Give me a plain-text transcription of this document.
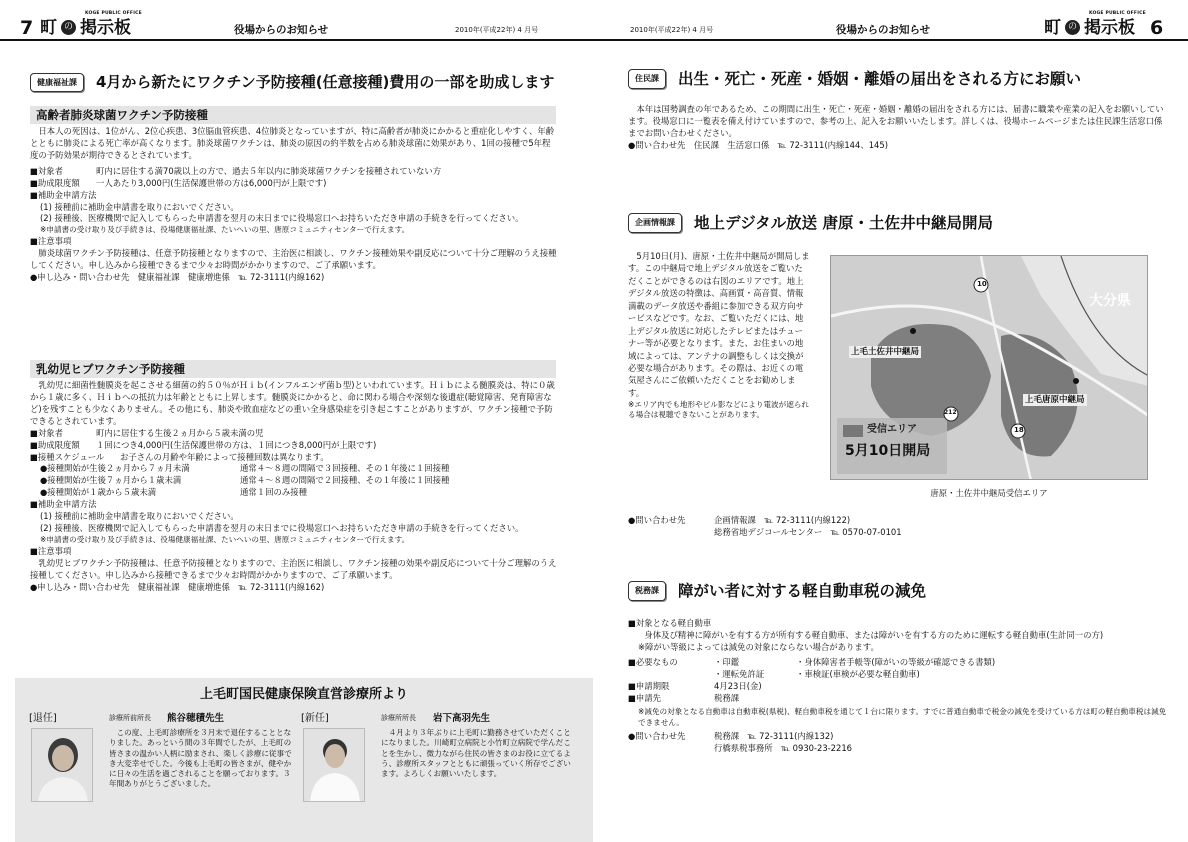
7 町 の
KOGE PUBLIC OFFICE
掲示板	役場からのお知らせ	2010年(平成22年) 4 月号
健康福祉課	4月から新たにワクチン予防接種(任意接種)費用の一部を助成します
高齢者肺炎球菌ワクチン予防接種

日本人の死因は、1位がん、2位心疾患、3位脳血管疾患、4位肺炎となっていますが、特に高齢者が肺炎にかかると重症化しやすく、年齢とともに肺炎による死亡率が高くなります。肺炎球菌ワクチンは、肺炎の原因の約半数を占める肺炎球菌に効果があり、1回の接種で5年程度の予防効果が期待できるとされています。

■対象者	町内に居住する満70歳以上の方で、過去５年以内に肺炎球菌ワクチンを接種されていない方
■助成限度額	一人あたり3,000円(生活保護世帯の方は6,000円が上限です)
■補助金申請方法
(1) 接種前に補助金申請書を取りにおいでください。
(2) 接種後、医療機関で記入してもらった申請書を翌月の末日までに役場窓口へお持ちいただき申請の手続きを行ってください。
※申請書の受け取り及び手続きは、役場健康福祉課、たいへいの里、唐原コミュニティセンターで行えます。
■注意事項

肺炎球菌ワクチン予防接種は、任意予防接種となりますので、主治医に相談し、ワクチン接種効果や副反応について十分ご理解のうえ接種してください。申し込みから接種できるまで少々お時間がかかりますので、ご了承願います。

●申し込み・問い合わせ先　健康福祉課　健康増進係　℡ 72-3111(内線162)
乳幼児ヒブワクチン予防接種

乳幼児に細菌性髄膜炎を起こさせる細菌の約５０％がＨｉｂ(インフルエンザ菌ｂ型)といわれています。Ｈｉｂによる髄膜炎は、特に０歳から１歳に多く、Ｈｉｂへの抵抗力は年齢とともに上昇します。髄膜炎にかかると、命に関わる場合や深刻な後遺症(聴覚障害、発育障害など)を残すことも少なくありません。その他にも、肺炎や敗血症などの重い全身感染症を引き起こすことがありますが、ワクチン接種で予防できるとされています。

■対象者	町内に居住する生後２ヵ月から５歳未満の児
■助成限度額	１回につき4,000円(生活保護世帯の方は、１回につき8,000円が上限です)
■接種スケジュール	お子さんの月齢や年齢によって接種回数は異なります。
●接種開始が生後２ヵ月から７ヵ月未満	通常４～８週の間隔で３回接種、その１年後に１回接種
●接種開始が生後７ヵ月から１歳未満	通常４～８週の間隔で２回接種、その１年後に１回接種
●接種開始が１歳から５歳未満	通常１回のみ接種
■補助金申請方法
(1) 接種前に補助金申請書を取りにおいでください。
(2) 接種後、医療機関で記入してもらった申請書を翌月の末日までに役場窓口へお持ちいただき申請の手続きを行ってください。
※申請書の受け取り及び手続きは、役場健康福祉課、たいへいの里、唐原コミュニティセンターで行えます。
■注意事項

乳幼児ヒブワクチン予防接種は、任意予防接種となりますので、主治医に相談し、ワクチン接種の効果や副反応について十分ご理解のうえ接種してください。申し込みから接種できるまで少々お時間がかかりますので、ご了承願います。

●申し込み・問い合わせ先　健康福祉課　健康増進係　℡ 72-3111(内線162)
上毛町国民健康保険直営診療所より
[退任]	診療所前所長 熊谷穂積先生
この度、上毛町診療所を３月末で退任することとなりました。あっという間の３年間でしたが、上毛町の皆さまの温かい人柄に励まされ、楽しく診療に従事でき大変幸せでした。今後も上毛町の皆さまが、健やかに日々の生活を過ごされることを願っております。３年間ありがとうございました。
[新任]	診療所所長 岩下高羽先生
４月より３年ぶりに上毛町に勤務させていただくことになりました。川崎町立病院と小竹町立病院で学んだことを生かし、微力ながら住民の皆さまのお役に立てるよう、診療所スタッフとともに頑張っていく所存でございます。よろしくお願いいたします。
2010年(平成22年) 4 月号	役場からのお知らせ	町 の
KOGE PUBLIC OFFICE
掲示板 6
住民課	出生・死亡・死産・婚姻・離婚の届出をされる方にお願い

本年は国勢調査の年であるため、この期間に出生・死亡・死産・婚姻・離婚の届出をされる方には、届書に職業や産業の記入をお願いしています。役場窓口に一覧表を備え付けていますので、参考の上、記入をお願いいたします。詳しくは、役場ホームページまたは住民課生活窓口係までお問い合わせください。

●問い合わせ先　住民課　生活窓口係　℡ 72-3111(内線144、145)
企画情報課	地上デジタル放送 唐原・土佐井中継局開局

5月10日(月)、唐原・土佐井中継局が開局します。この中継局で地上デジタル放送をご覧いただくことができるのは右図のエリアです。地上デジタル放送の特徴は、高画質・高音質、情報満載のデータ放送や番組に参加できる双方向サービスなどです。なお、ご覧いただくには、地上デジタル放送に対応したテレビまたはチューナー等が必要となります。また、お住まいの地域によっては、アンテナの調整もしくは交換が必要な場合があります。その際は、お近くの電気屋さんにご依頼いただくことをお勧めします。

※エリア内でも地形やビル影などにより電波が遮られる場合は視聴できないことがあります。

●問い合わせ先	企画情報課　℡ 72-3111(内線122)
総務省地デジコールセンター　℡ 0570-07-0101
税務課	障がい者に対する軽自動車税の減免
■対象となる軽自動車

身体及び精神に障がいを有する方が所有する軽自動車、または障がいを有する方のために運転する軽自動車(生計同一の方)

※障がい等級によっては減免の対象にならない場合があります。
■必要なもの	・印鑑	・身体障害者手帳等(障がいの等級が確認できる書類)
・運転免許証	・車検証(車検が必要な軽自動車)
■申請期限	4月23日(金)
■申請先	税務課

※減免の対象となる自動車は自動車税(県税)、軽自動車税を通じて１台に限ります。すでに普通自動車で税金の減免を受けている方は町の軽自動車税は減免できません。

●問い合わせ先	税務課　℡ 72-3111(内線132)
行橋県税事務所　℡ 0930-23-2216
大分県
上毛土佐井中継局
上毛唐原中継局
受信エリア
5月10日開局
10
212
18
唐原・土佐井中継局受信エリア
